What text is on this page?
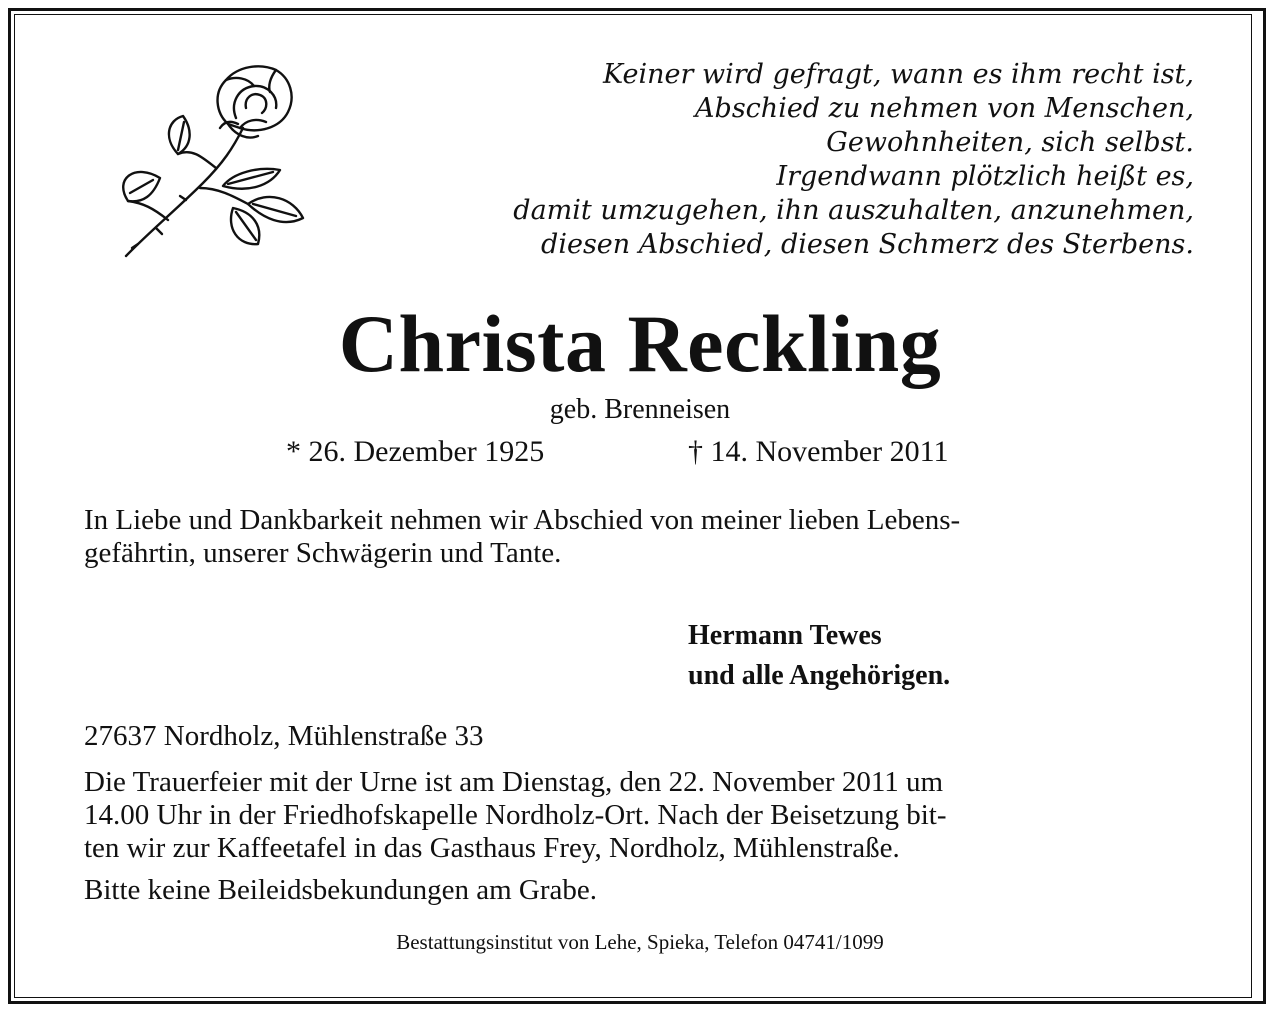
Keiner wird gefragt, wann es ihm recht ist,
Abschied zu nehmen von Menschen,
Gewohnheiten, sich selbst.
Irgendwann plötzlich heißt es,
damit umzugehen, ihn auszuhalten, anzunehmen,
diesen Abschied, diesen Schmerz des Sterbens.
Christa Reckling
geb. Brenneisen
* 26. Dezember 1925	† 14. November 2011
In Liebe und Dankbarkeit nehmen wir Abschied von meiner lieben Lebens-
gefährtin, unserer Schwägerin und Tante.
Hermann Tewes
und alle Angehörigen.
27637 Nordholz, Mühlenstraße 33
Die Trauerfeier mit der Urne ist am Dienstag, den 22. November 2011 um
14.00 Uhr in der Friedhofskapelle Nordholz-Ort. Nach der Beisetzung bit-
ten wir zur Kaffeetafel in das Gasthaus Frey, Nordholz, Mühlenstraße.
Bitte keine Beileidsbekundungen am Grabe.
Bestattungsinstitut von Lehe, Spieka, Telefon 04741/1099
